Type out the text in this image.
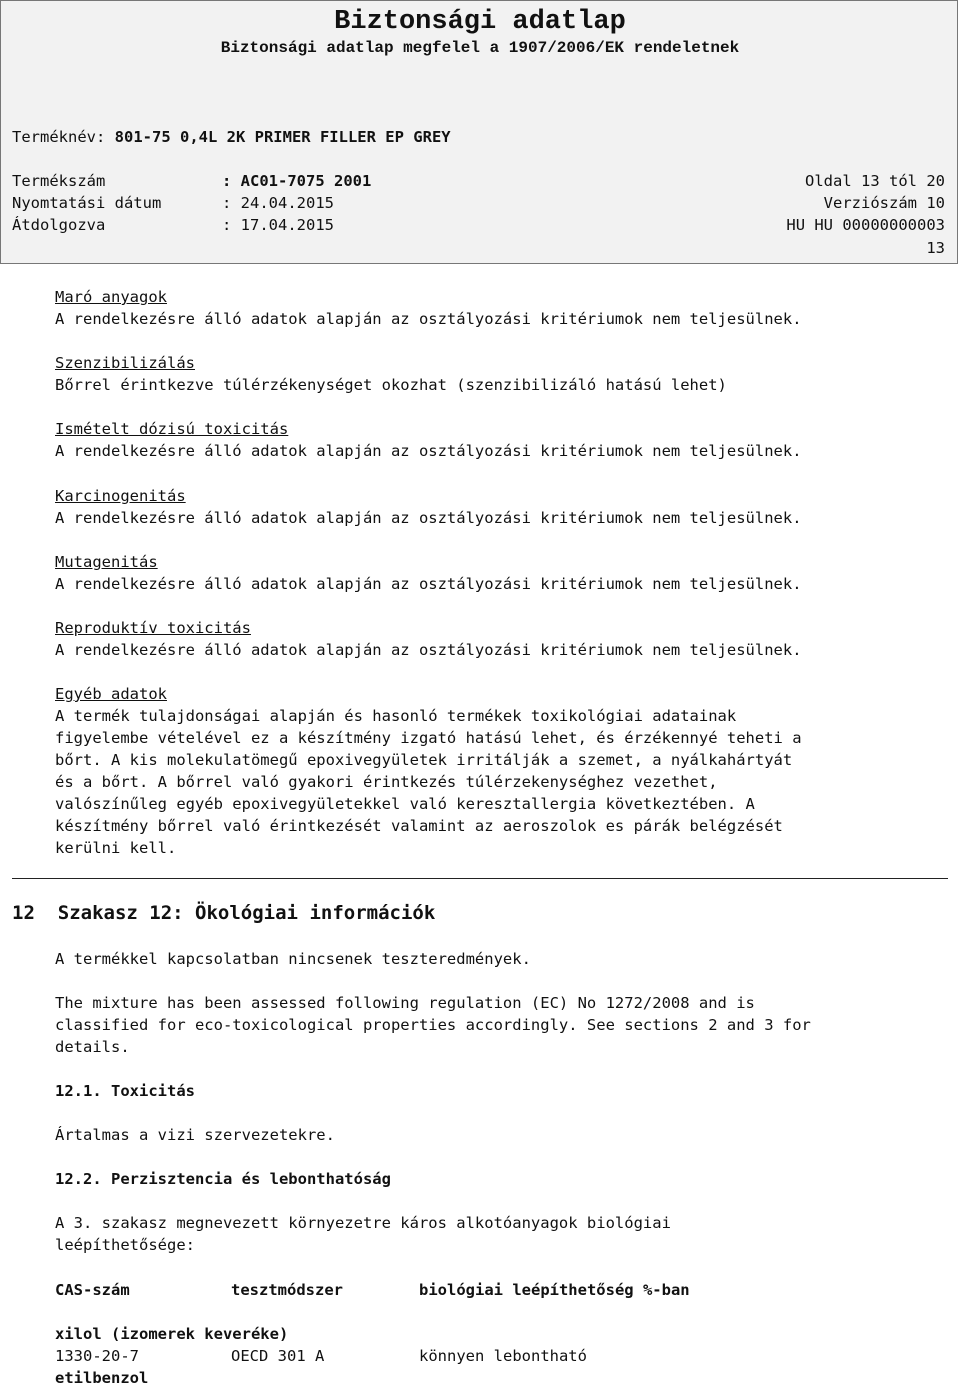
Biztonsági adatlap
Biztonsági adatlap megfelel a 1907/2006/EK rendeletnek
Terméknév: 801-75 0,4L 2K PRIMER FILLER EP GREY
Termékszám	: AC01-7075 2001	Oldal 13 tól 20
Nyomtatási dátum	: 24.04.2015	Verziószám 10
Átdolgozva	: 17.04.2015	HU HU 00000000003
13
Maró anyagok
A rendelkezésre álló adatok alapján az osztályozási kritériumok nem teljesülnek.
Szenzibilizálás
Bőrrel érintkezve túlérzékenységet okozhat (szenzibilizáló hatású lehet)
Ismételt dózisú toxicitás
A rendelkezésre álló adatok alapján az osztályozási kritériumok nem teljesülnek.
Karcinogenitás
A rendelkezésre álló adatok alapján az osztályozási kritériumok nem teljesülnek.
Mutagenitás
A rendelkezésre álló adatok alapján az osztályozási kritériumok nem teljesülnek.
Reproduktív toxicitás
A rendelkezésre álló adatok alapján az osztályozási kritériumok nem teljesülnek.
Egyéb adatok
A termék tulajdonságai alapján és hasonló termékek toxikológiai adatainak
figyelembe vételével ez a készítmény izgató hatású lehet, és érzékennyé teheti a
bőrt. A kis molekulatömegű epoxivegyületek irritálják a szemet, a nyálkahártyát
és a bőrt. A bőrrel való gyakori érintkezés túlérzekenységhez vezethet,
valószínűleg egyéb epoxivegyületekkel való keresztallergia következtében. A
készítmény bőrrel való érintkezését valamint az aeroszolok es párák belégzését
kerülni kell.
12 Szakasz 12: Ökológiai információk
A termékkel kapcsolatban nincsenek teszteredmények.
The mixture has been assessed following regulation (EC) No 1272/2008 and is
classified for eco-toxicological properties accordingly. See sections 2 and 3 for
details.
12.1. Toxicitás
Ártalmas a vizi szervezetekre.
12.2. Perzisztencia és lebonthatóság
A 3. szakasz megnevezett környezetre káros alkotóanyagok biológiai
leépíthetősége:
CAS-szám	tesztmódszer	biológiai leépíthetőség %-ban
xilol (izomerek keveréke)
1330-20-7	OECD 301 A	könnyen lebontható
etilbenzol
